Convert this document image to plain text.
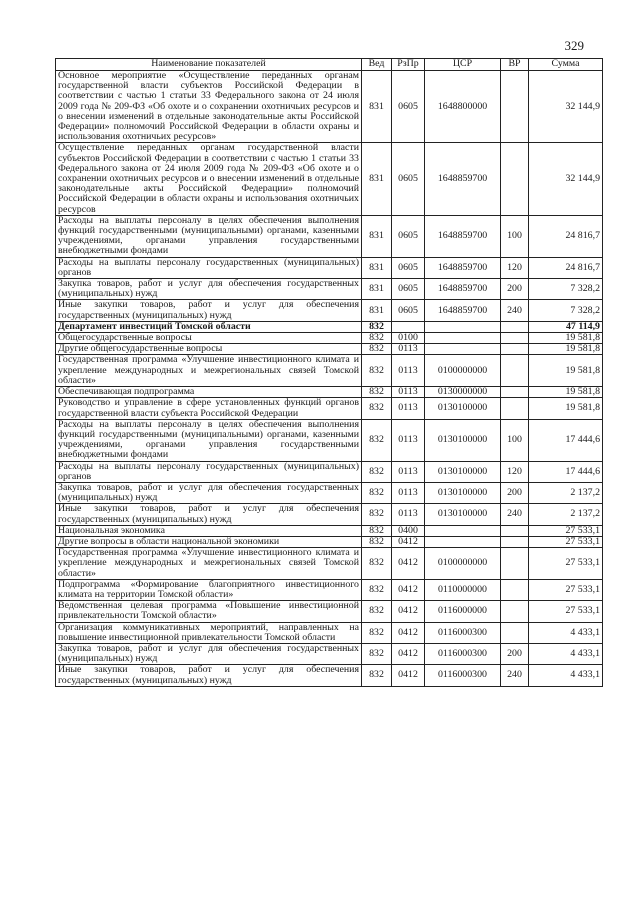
329
Наименование показателей	Вед	РзПр	ЦСР	ВР	Сумма
Основное мероприятие «Осуществление переданных органам государственной власти субъектов Российской Федерации в соответствии с частью 1 статьи 33 Федерального закона от 24 июля 2009 года № 209-ФЗ «Об охоте и о сохранении охотничьих ресурсов и о внесении изменений в отдельные законодательные акты Российской Федерации» полномочий Российской Федерации в области охраны и использования охотничьих ресурсов»	831	0605	1648800000		32 144,9
Осуществление переданных органам государственной власти субъектов Российской Федерации в соответствии с частью 1 статьи 33 Федерального закона от 24 июля 2009 года № 209-ФЗ «Об охоте и о сохранении охотничьих ресурсов и о внесении изменений в отдельные законодательные акты Российской Федерации» полномочий Российской Федерации в области охраны и использования охотничьих ресурсов	831	0605	1648859700		32 144,9
Расходы на выплаты персоналу в целях обеспечения выполнения функций государственными (муниципальными) органами, казенными учреждениями, органами управления государственными внебюджетными фондами	831	0605	1648859700	100	24 816,7
Расходы на выплаты персоналу государственных (муниципальных) органов	831	0605	1648859700	120	24 816,7
Закупка товаров, работ и услуг для обеспечения государственных (муниципальных) нужд	831	0605	1648859700	200	7 328,2
Иные закупки товаров, работ и услуг для обеспечения государственных (муниципальных) нужд	831	0605	1648859700	240	7 328,2
Департамент инвестиций Томской области	832				47 114,9
Общегосударственные вопросы	832	0100			19 581,8
Другие общегосударственные вопросы	832	0113			19 581,8
Государственная программа «Улучшение инвестиционного климата и укрепление международных и межрегиональных связей Томской области»	832	0113	0100000000		19 581,8
Обеспечивающая подпрограмма	832	0113	0130000000		19 581,8
Руководство и управление в сфере установленных функций органов государственной власти субъекта Российской Федерации	832	0113	0130100000		19 581,8
Расходы на выплаты персоналу в целях обеспечения выполнения функций государственными (муниципальными) органами, казенными учреждениями, органами управления государственными внебюджетными фондами	832	0113	0130100000	100	17 444,6
Расходы на выплаты персоналу государственных (муниципальных) органов	832	0113	0130100000	120	17 444,6
Закупка товаров, работ и услуг для обеспечения государственных (муниципальных) нужд	832	0113	0130100000	200	2 137,2
Иные закупки товаров, работ и услуг для обеспечения государственных (муниципальных) нужд	832	0113	0130100000	240	2 137,2
Национальная экономика	832	0400			27 533,1
Другие вопросы в области национальной экономики	832	0412			27 533,1
Государственная программа «Улучшение инвестиционного климата и укрепление международных и межрегиональных связей Томской области»	832	0412	0100000000		27 533,1
Подпрограмма «Формирование благоприятного инвестиционного климата на территории Томской области»	832	0412	0110000000		27 533,1
Ведомственная целевая программа «Повышение инвестиционной привлекательности Томской области»	832	0412	0116000000		27 533,1
Организация коммуникативных мероприятий, направленных на повышение инвестиционной привлекательности Томской области	832	0412	0116000300		4 433,1
Закупка товаров, работ и услуг для обеспечения государственных (муниципальных) нужд	832	0412	0116000300	200	4 433,1
Иные закупки товаров, работ и услуг для обеспечения государственных (муниципальных) нужд	832	0412	0116000300	240	4 433,1
